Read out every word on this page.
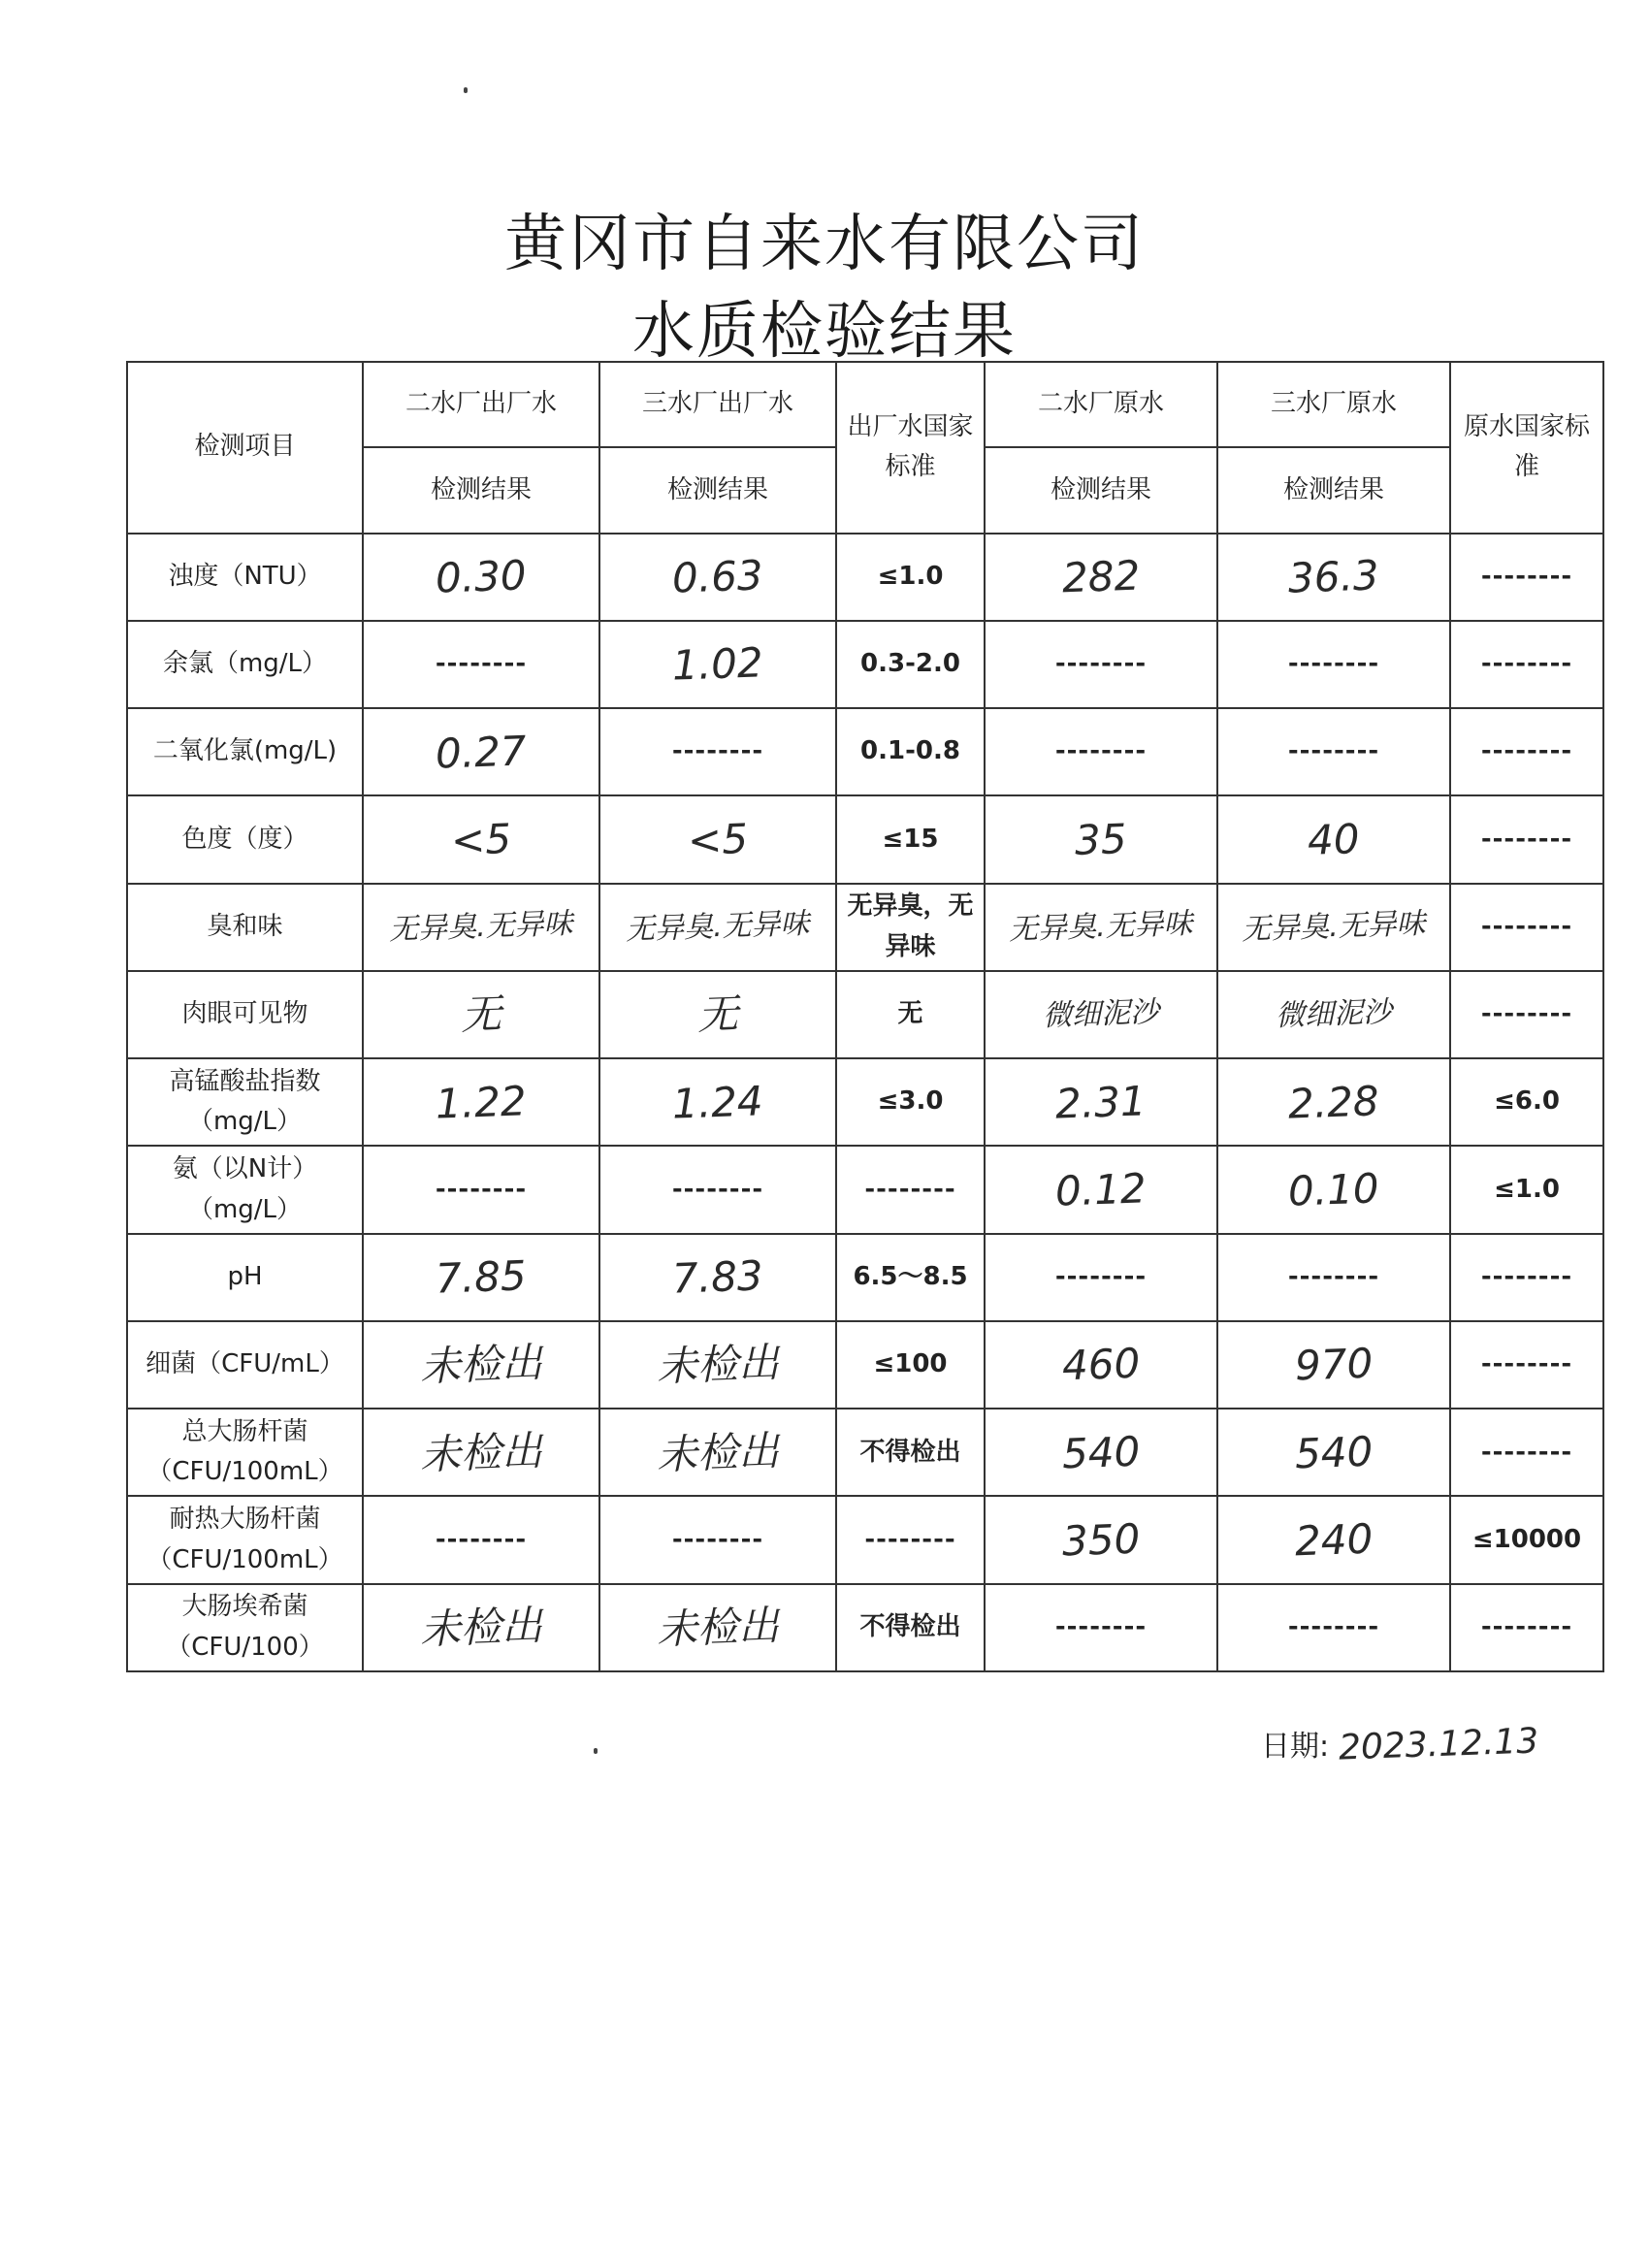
黄冈市自来水有限公司
水质检验结果
检测项目	二水厂出厂水	三水厂出厂水	出厂水国家标准	二水厂原水	三水厂原水	原水国家标准
	检测结果	检测结果		检测结果	检测结果	
浊度（NTU）	0.30	0.63	≤1.0	282	36.3	--------
余氯（mg/L）	--------	1.02	0.3-2.0	--------	--------	--------
二氧化氯(mg/L)	0.27	--------	0.1-0.8	--------	--------	--------
色度（度）	<5	<5	≤15	35	40	--------
臭和味	无异臭.无异味	无异臭.无异味	无异臭，无异味	无异臭.无异味	无异臭.无异味	--------
肉眼可见物	无	无	无	微细泥沙	微细泥沙	--------
高锰酸盐指数（mg/L）	1.22	1.24	≤3.0	2.31	2.28	≤6.0
氨（以N计）（mg/L）	--------	--------	--------	0.12	0.10	≤1.0
pH	7.85	7.83	6.5～8.5	--------	--------	--------
细菌（CFU/mL）	未检出	未检出	≤100	460	970	--------
总大肠杆菌（CFU/100mL）	未检出	未检出	不得检出	540	540	--------
耐热大肠杆菌（CFU/100mL）	--------	--------	--------	350	240	≤10000
大肠埃希菌（CFU/100）	未检出	未检出	不得检出	--------	--------	--------
日期: 2023.12.13
